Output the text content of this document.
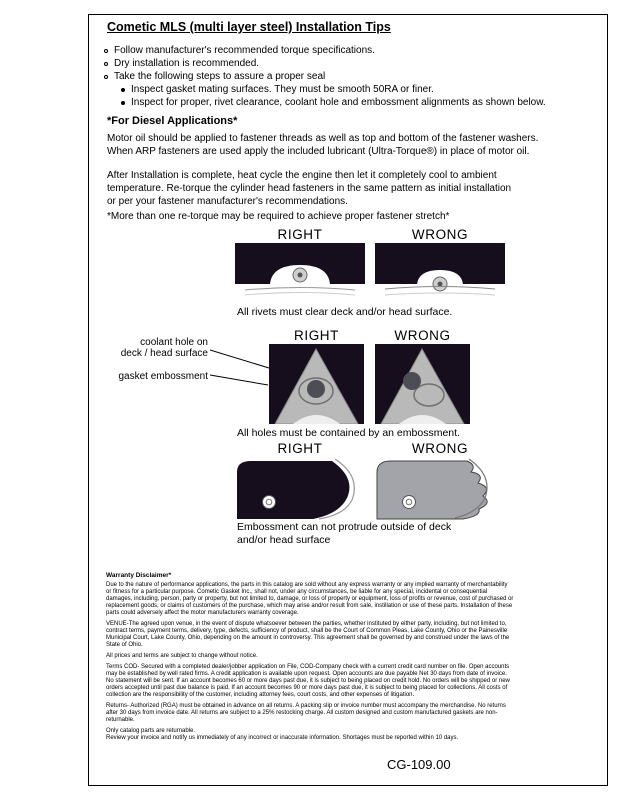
Cometic MLS (multi layer steel) Installation Tips
Follow manufacturer's recommended torque specifications.
Dry installation is recommended.
Take the following steps to assure a proper seal
Inspect gasket mating surfaces. They must be smooth 50RA or finer.
Inspect for proper, rivet clearance, coolant hole and embossment alignments as shown below.
*For Diesel Applications*
Motor oil should be applied to fastener threads as well as top and bottom of the fastener washers.
When ARP fasteners are used apply the included lubricant (Ultra-Torque®) in place of motor oil.
After Installation is complete, heat cycle the engine then let it completely cool to ambient
temperature. Re-torque the cylinder head fasteners in the same pattern as initial installation
or per your fastener manufacturer's recommendations.
*More than one re-torque may be required to achieve proper fastener stretch*
RIGHT	WRONG
All rivets must clear deck and/or head surface.
RIGHT	WRONG
coolant hole on
deck / head surface
gasket embossment
All holes must be contained by an embossment.
RIGHT	WRONG
Embossment can not protrude outside of deck
and/or head surface
Warranty Disclaimer*
Due to the nature of performance applications, the parts in this catalog are sold without any express warranty or any implied warranty of merchantability or fitness for a particular purpose. Cometic Gasket Inc., shall not, under any circumstances, be liable for any special, incidental or consequential damages, including, person, party or property, but not limited to, damage, or loss of property or equipment, loss of profits or revenue, cost of purchased or replacement goods, or claims of customers of the purchase, which may arise and/or result from sale, instillation or use of these parts. Installation of these parts could adversely affect the motor manufacturers warranty coverage.
VENUE-The agreed upon venue, in the event of dispute whatsoever between the parties, whether instituted by either party, including, but not limited to, contract terms, payment terms, delivery, type, defects, sufficiency of product, shall be the Court of Common Pleas, Lake County, Ohio or the Painesville Municipal Court, Lake County, Ohio, depending on the amount in controversy. This agreement shall be governed by and construed under the laws of the State of Ohio.
All prices and terms are subject to change without notice.
Terms COD- Secured with a completed dealer/jobber application on File, COD-Company check with a current credit card number on file. Open accounts may be established by well rated firms. A credit application is available upon request. Open accounts are due payable Net 30 days from date of invoice. No statement will be sent. If an account becomes 60 or more days past due, it is subject to being placed on credit hold. No orders will be shipped or new orders accepted until past due balance is paid. If an account becomes 90 or more days past due, it is subject to being placed for collections. All costs of collection are the responsibility of the customer, including attorney fees, court costs, and other expenses of litigation.
Returns- Authorized (RGA) must be obtained in advance on all returns. A packing slip or invoice number must accompany the merchandise. No returns after 30 days from invoice date. All returns are subject to a 25% restocking charge. All custom designed and custom manufactured gaskets are non-returnable.
Only catalog parts are returnable.
Review your invoice and notify us immediately of any incorrect or inaccurate information. Shortages must be reported within 10 days.
CG-109.00
